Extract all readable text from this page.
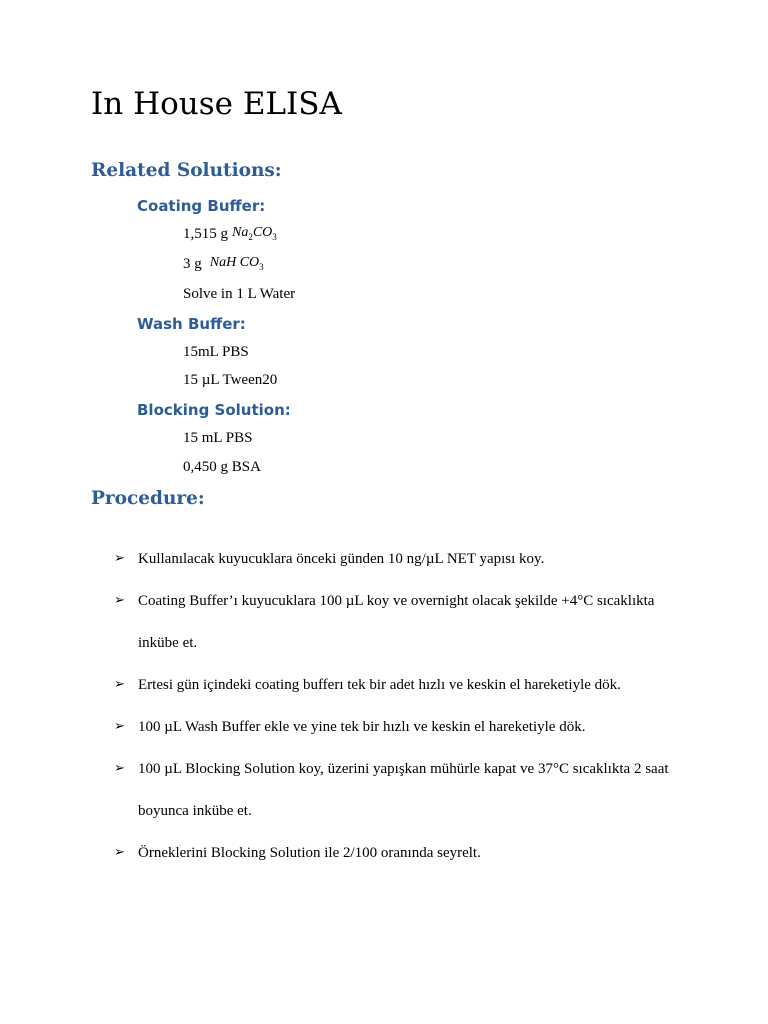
In House ELISA
Related Solutions:
Coating Buffer:
1,515 g $Na_2CO_3$
3 g NaH $CO_3$
Solve in 1 L Water
Wash Buffer:
15mL PBS
15 µL Tween20
Blocking Solution:
15 mL PBS
0,450 g BSA
Procedure:
➢ Kullanılacak kuyucuklara önceki günden 10 ng/µL NET yapısı koy.
➢ Coating Buffer’ı kuyucuklara 100 µL koy ve overnight olacak şekilde +4°C sıcaklıkta inkübe et.
➢ Ertesi gün içindeki coating bufferı tek bir adet hızlı ve keskin el hareketiyle dök.
➢ 100 µL Wash Buffer ekle ve yine tek bir hızlı ve keskin el hareketiyle dök.
➢ 100 µL Blocking Solution koy, üzerini yapışkan mühürle kapat ve 37°C sıcaklıkta 2 saat boyunca inkübe et.
➢ Örneklerini Blocking Solution ile 2/100 oranında seyrelt.
